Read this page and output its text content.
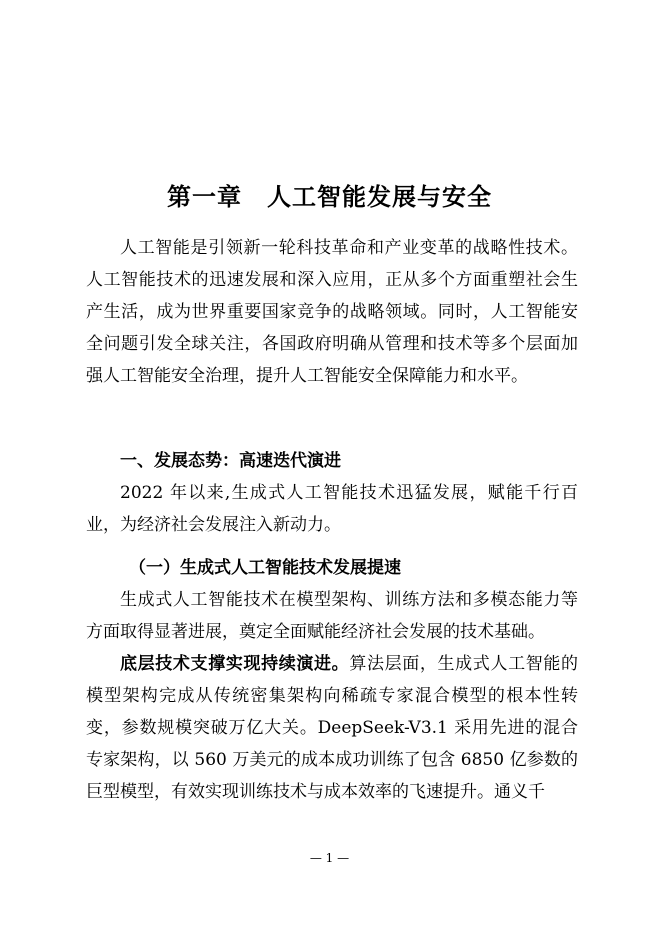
第一章　人工智能发展与安全

人工智能是引领新一轮科技革命和产业变革的战略性技术。人工智能技术的迅速发展和深入应用，正从多个方面重塑社会生产生活，成为世界重要国家竞争的战略领域。同时，人工智能安全问题引发全球关注，各国政府明确从管理和技术等多个层面加强人工智能安全治理，提升人工智能安全保障能力和水平。

一、发展态势：高速迭代演进

2022 年以来,生成式人工智能技术迅猛发展，赋能千行百业，为经济社会发展注入新动力。

（一）生成式人工智能技术发展提速

生成式人工智能技术在模型架构、训练方法和多模态能力等方面取得显著进展，奠定全面赋能经济社会发展的技术基础。

底层技术支撑实现持续演进。算法层面，生成式人工智能的模型架构完成从传统密集架构向稀疏专家混合模型的根本性转变，参数规模突破万亿大关。DeepSeek-V3.1 采用先进的混合专家架构，以 560 万美元的成本成功训练了包含 6850 亿参数的巨型模型，有效实现训练技术与成本效率的飞速提升。通义千

— 1 —
